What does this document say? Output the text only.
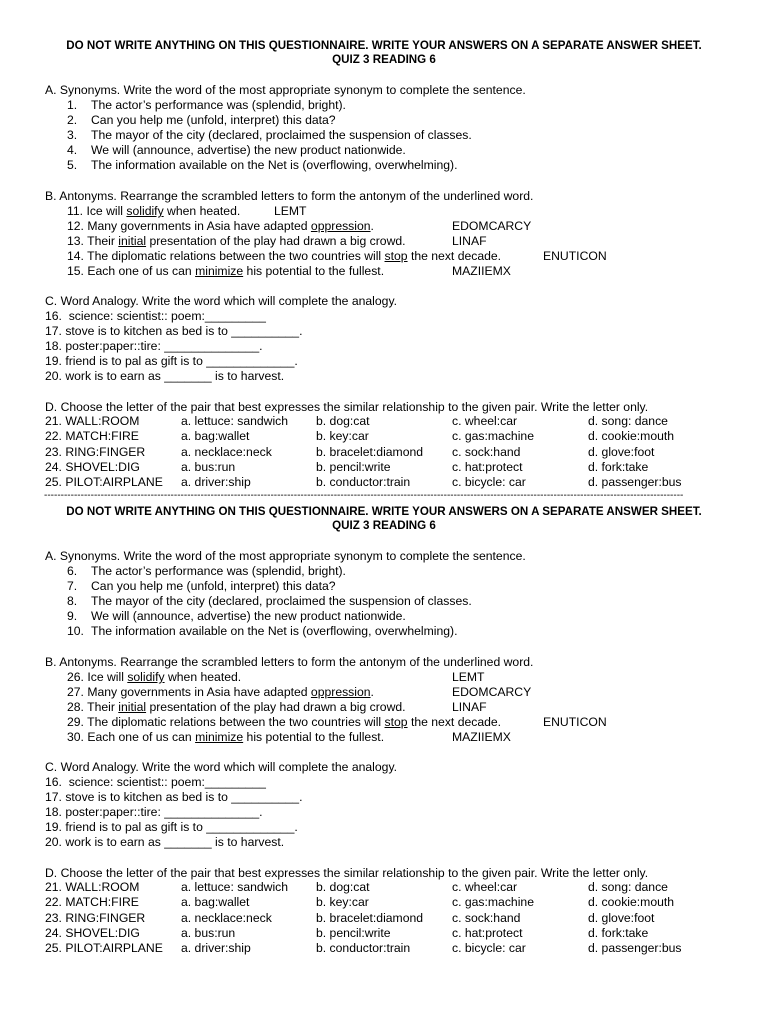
DO NOT WRITE ANYTHING ON THIS QUESTIONNAIRE. WRITE YOUR ANSWERS ON A SEPARATE ANSWER SHEET.
QUIZ 3 READING 6
A. Synonyms. Write the word of the most appropriate synonym to complete the sentence.
1. The actor’s performance was (splendid, bright).
2. Can you help me (unfold, interpret) this data?
3. The mayor of the city (declared, proclaimed the suspension of classes.
4. We will (announce, advertise) the new product nationwide.
5. The information available on the Net is (overflowing, overwhelming).
B. Antonyms. Rearrange the scrambled letters to form the antonym of the underlined word.
11. Ice will solidify when heated.	LEMT
12. Many governments in Asia have adapted oppression.	EDOMCARCY
13. Their initial presentation of the play had drawn a big crowd.	LINAF
14. The diplomatic relations between the two countries will stop the next decade.	ENUTICON
15. Each one of us can minimize his potential to the fullest.	MAZIIEMX
C. Word Analogy. Write the word which will complete the analogy.
16.  science: scientist:: poem:_________
17. stove is to kitchen as bed is to __________.
18. poster:paper::tire: ______________.
19. friend is to pal as gift is to _____________.
20. work is to earn as _______ is to harvest.
D. Choose the letter of the pair that best expresses the similar relationship to the given pair. Write the letter only.
21. WALL:ROOM	a. lettuce: sandwich b. dog:cat	c. wheel:car	d. song: dance
22. MATCH:FIRE	a. bag:wallet	b. key:car	c. gas:machine	d. cookie:mouth
23. RING:FINGER	a. necklace:neck	b. bracelet:diamond c. sock:hand	d. glove:foot
24. SHOVEL:DIG	a. bus:run	b. pencil:write	c. hat:protect	d. fork:take
25. PILOT:AIRPLANE a. driver:ship	b. conductor:train	c. bicycle: car	d. passenger:bus
------------------------------------------------------------------------------------------------------------------------------------------------------------------------------------------------
DO NOT WRITE ANYTHING ON THIS QUESTIONNAIRE. WRITE YOUR ANSWERS ON A SEPARATE ANSWER SHEET.
QUIZ 3 READING 6
A. Synonyms. Write the word of the most appropriate synonym to complete the sentence.
6. The actor’s performance was (splendid, bright).
7. Can you help me (unfold, interpret) this data?
8. The mayor of the city (declared, proclaimed the suspension of classes.
9. We will (announce, advertise) the new product nationwide.
10. The information available on the Net is (overflowing, overwhelming).
B. Antonyms. Rearrange the scrambled letters to form the antonym of the underlined word.
26. Ice will solidify when heated.	LEMT
27. Many governments in Asia have adapted oppression.	EDOMCARCY
28. Their initial presentation of the play had drawn a big crowd.	LINAF
29. The diplomatic relations between the two countries will stop the next decade.	ENUTICON
30. Each one of us can minimize his potential to the fullest.	MAZIIEMX
C. Word Analogy. Write the word which will complete the analogy.
16.  science: scientist:: poem:_________
17. stove is to kitchen as bed is to __________.
18. poster:paper::tire: ______________.
19. friend is to pal as gift is to _____________.
20. work is to earn as _______ is to harvest.
D. Choose the letter of the pair that best expresses the similar relationship to the given pair. Write the letter only.
21. WALL:ROOM	a. lettuce: sandwich b. dog:cat	c. wheel:car	d. song: dance
22. MATCH:FIRE	a. bag:wallet	b. key:car	c. gas:machine	d. cookie:mouth
23. RING:FINGER	a. necklace:neck	b. bracelet:diamond c. sock:hand	d. glove:foot
24. SHOVEL:DIG	a. bus:run	b. pencil:write	c. hat:protect	d. fork:take
25. PILOT:AIRPLANE a. driver:ship	b. conductor:train	c. bicycle: car	d. passenger:bus
